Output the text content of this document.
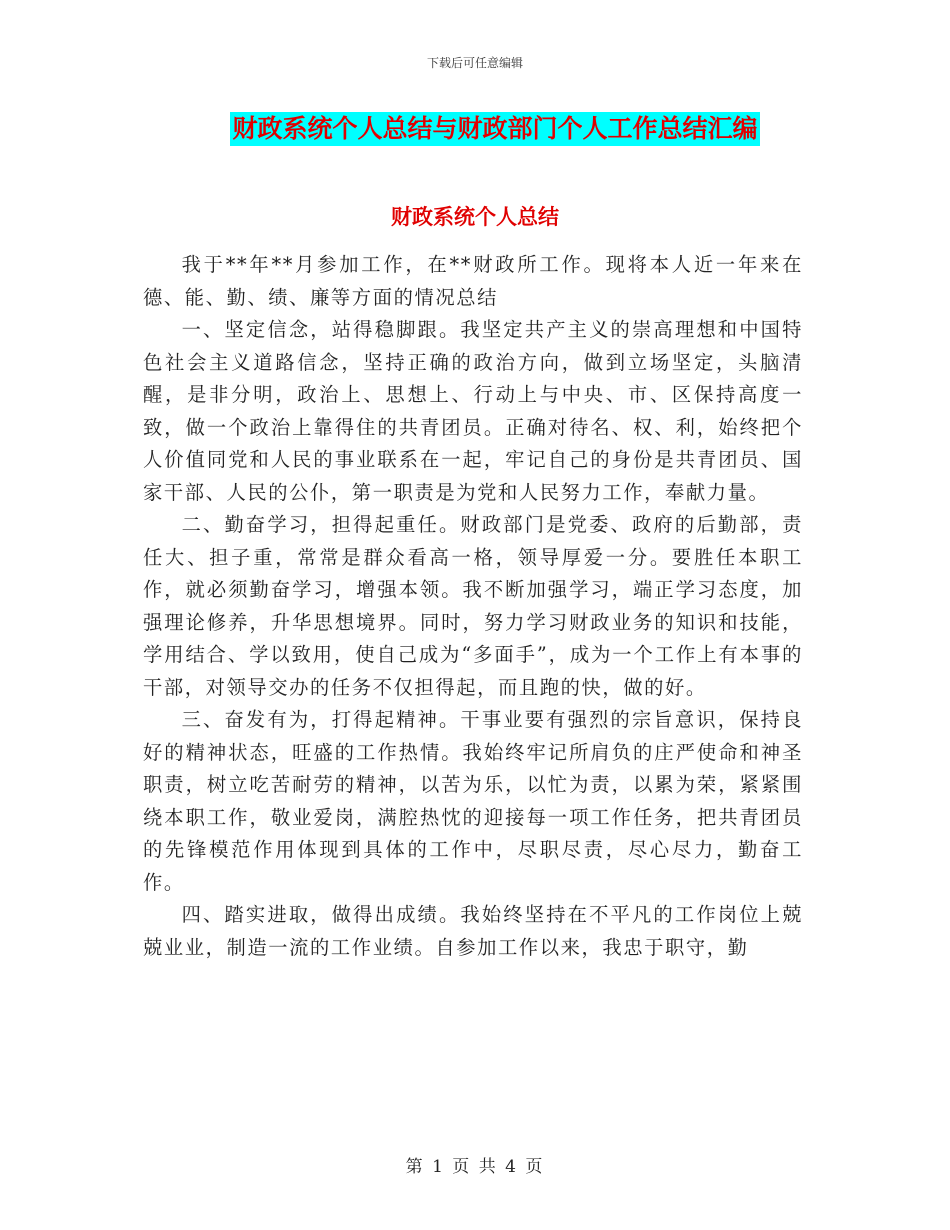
下载后可任意编辑
财政系统个人总结与财政部门个人工作总结汇编
财政系统个人总结

我于**年**月参加工作，在**财政所工作。现将本人近一年来在德、能、勤、绩、廉等方面的情况总结

一、坚定信念，站得稳脚跟。我坚定共产主义的崇高理想和中国特色社会主义道路信念，坚持正确的政治方向，做到立场坚定，头脑清醒，是非分明，政治上、思想上、行动上与中央、市、区保持高度一致，做一个政治上靠得住的共青团员。正确对待名、权、利，始终把个人价值同党和人民的事业联系在一起，牢记自己的身份是共青团员、国家干部、人民的公仆，第一职责是为党和人民努力工作，奉献力量。

二、勤奋学习，担得起重任。财政部门是党委、政府的后勤部，责任大、担子重，常常是群众看高一格，领导厚爱一分。要胜任本职工作，就必须勤奋学习，增强本领。我不断加强学习，端正学习态度，加强理论修养，升华思想境界。同时，努力学习财政业务的知识和技能，学用结合、学以致用，使自己成为“多面手”，成为一个工作上有本事的干部，对领导交办的任务不仅担得起，而且跑的快，做的好。

三、奋发有为，打得起精神。干事业要有强烈的宗旨意识，保持良好的精神状态，旺盛的工作热情。我始终牢记所肩负的庄严使命和神圣职责，树立吃苦耐劳的精神，以苦为乐，以忙为责，以累为荣，紧紧围绕本职工作，敬业爱岗，满腔热忱的迎接每一项工作任务，把共青团员的先锋模范作用体现到具体的工作中，尽职尽责，尽心尽力，勤奋工作。

四、踏实进取，做得出成绩。我始终坚持在不平凡的工作岗位上兢兢业业，制造一流的工作业绩。自参加工作以来，我忠于职守，勤

第 1 页 共 4 页
